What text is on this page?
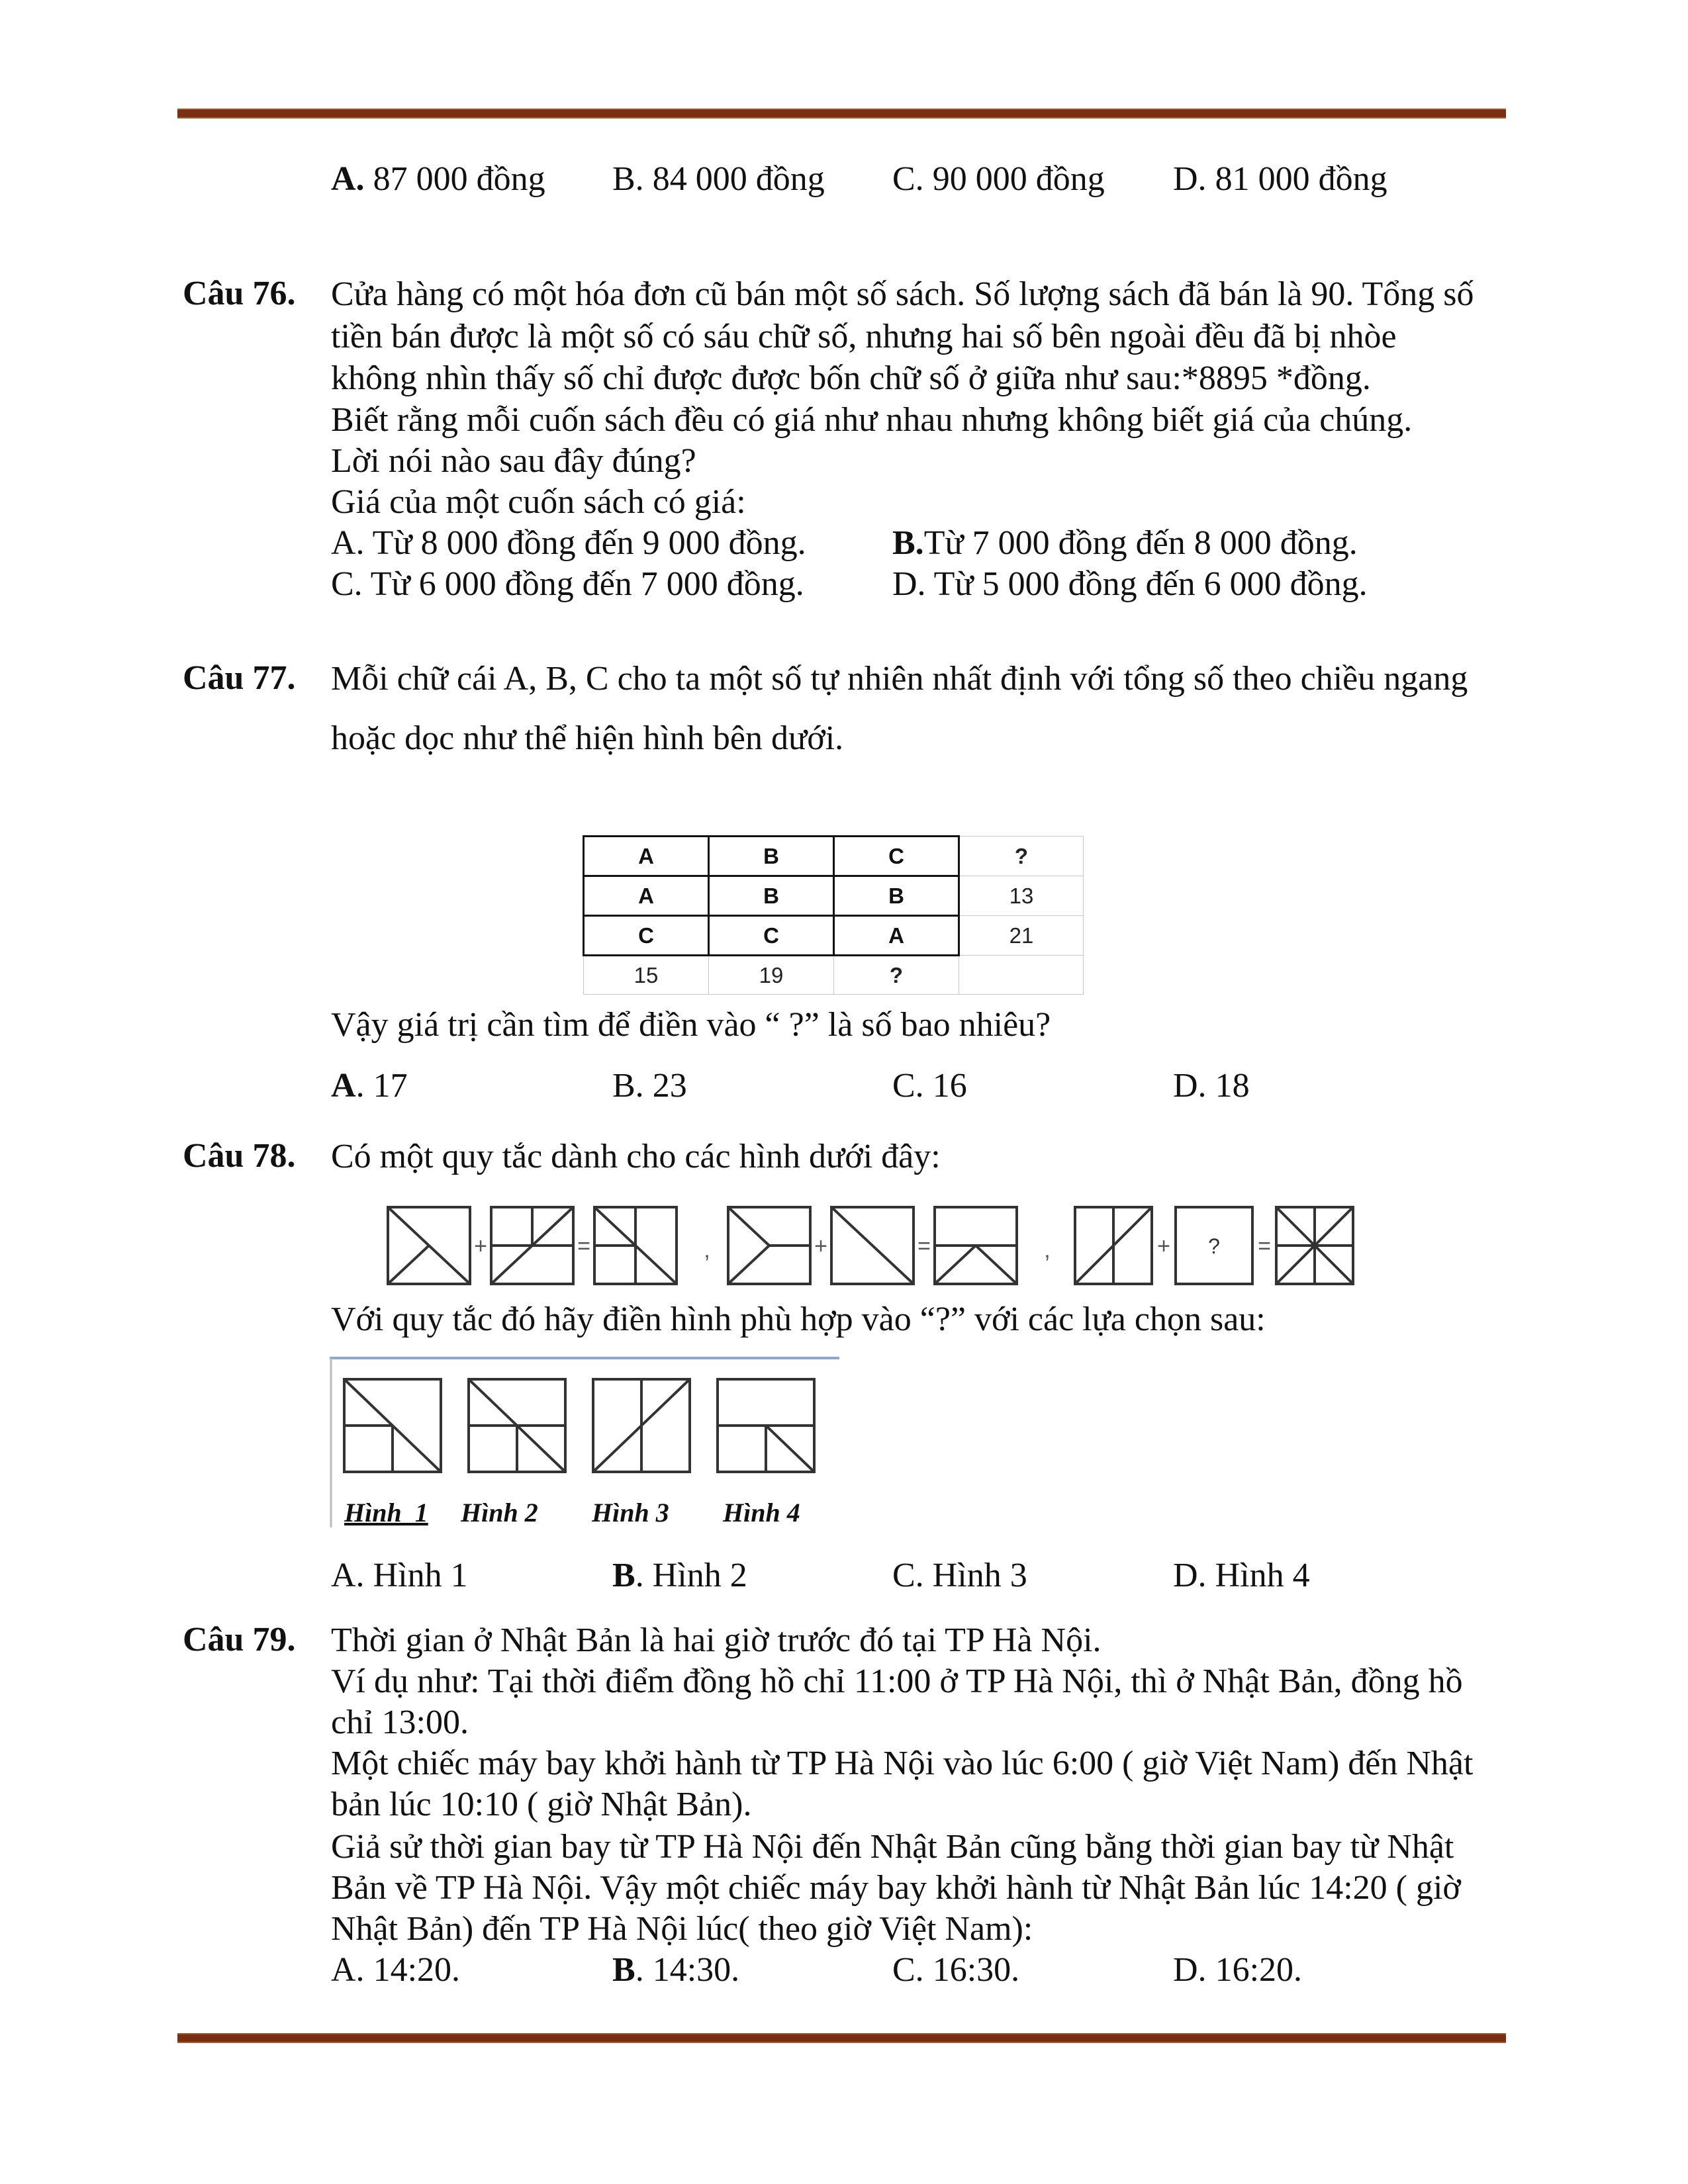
A. 87 000 đồng B. 84 000 đồng C. 90 000 đồng D. 81 000 đồng
Câu 76. Cửa hàng có một hóa đơn cũ bán một số sách. Số lượng sách đã bán là 90. Tổng số
tiền bán được là một số có sáu chữ số, nhưng hai số bên ngoài đều đã bị nhòe
không nhìn thấy số chỉ được được bốn chữ số ở giữa như sau:*8895 *đồng.
Biết rằng mỗi cuốn sách đều có giá như nhau nhưng không biết giá của chúng.
Lời nói nào sau đây đúng?
Giá của một cuốn sách có giá:
A. Từ 8 000 đồng đến 9 000 đồng.	B.Từ 7 000 đồng đến 8 000 đồng.
C. Từ 6 000 đồng đến 7 000 đồng.	D. Từ 5 000 đồng đến 6 000 đồng.
Câu 77. Mỗi chữ cái A, B, C cho ta một số tự nhiên nhất định với tổng số theo chiều ngang
hoặc dọc như thể hiện hình bên dưới.
A	B	C	?
A	B	B	13
C	C	A	21
15	19	?	
Vậy giá trị cần tìm để điền vào “ ?” là số bao nhiêu?
A. 17	B. 23	C. 16	D. 18
Câu 78. Có một quy tắc dành cho các hình dưới đây:
+	=	,	+	=	,	+	=
?
Với quy tắc đó hãy điền hình phù hợp vào “?” với các lựa chọn sau:
Hình_1 Hình 2 Hình 3 Hình 4
A. Hình 1	B. Hình 2	C. Hình 3	D. Hình 4
Câu 79. Thời gian ở Nhật Bản là hai giờ trước đó tại TP Hà Nội.
Ví dụ như: Tại thời điểm đồng hồ chỉ 11:00 ở TP Hà Nội, thì ở Nhật Bản, đồng hồ
chỉ 13:00.
Một chiếc máy bay khởi hành từ TP Hà Nội vào lúc 6:00 ( giờ Việt Nam) đến Nhật
bản lúc 10:10 ( giờ Nhật Bản).
Giả sử thời gian bay từ TP Hà Nội đến Nhật Bản cũng bằng thời gian bay từ Nhật
Bản về TP Hà Nội. Vậy một chiếc máy bay khởi hành từ Nhật Bản lúc 14:20 ( giờ
Nhật Bản) đến TP Hà Nội lúc( theo giờ Việt Nam):
A. 14:20.	B. 14:30.	C. 16:30.	D. 16:20.
